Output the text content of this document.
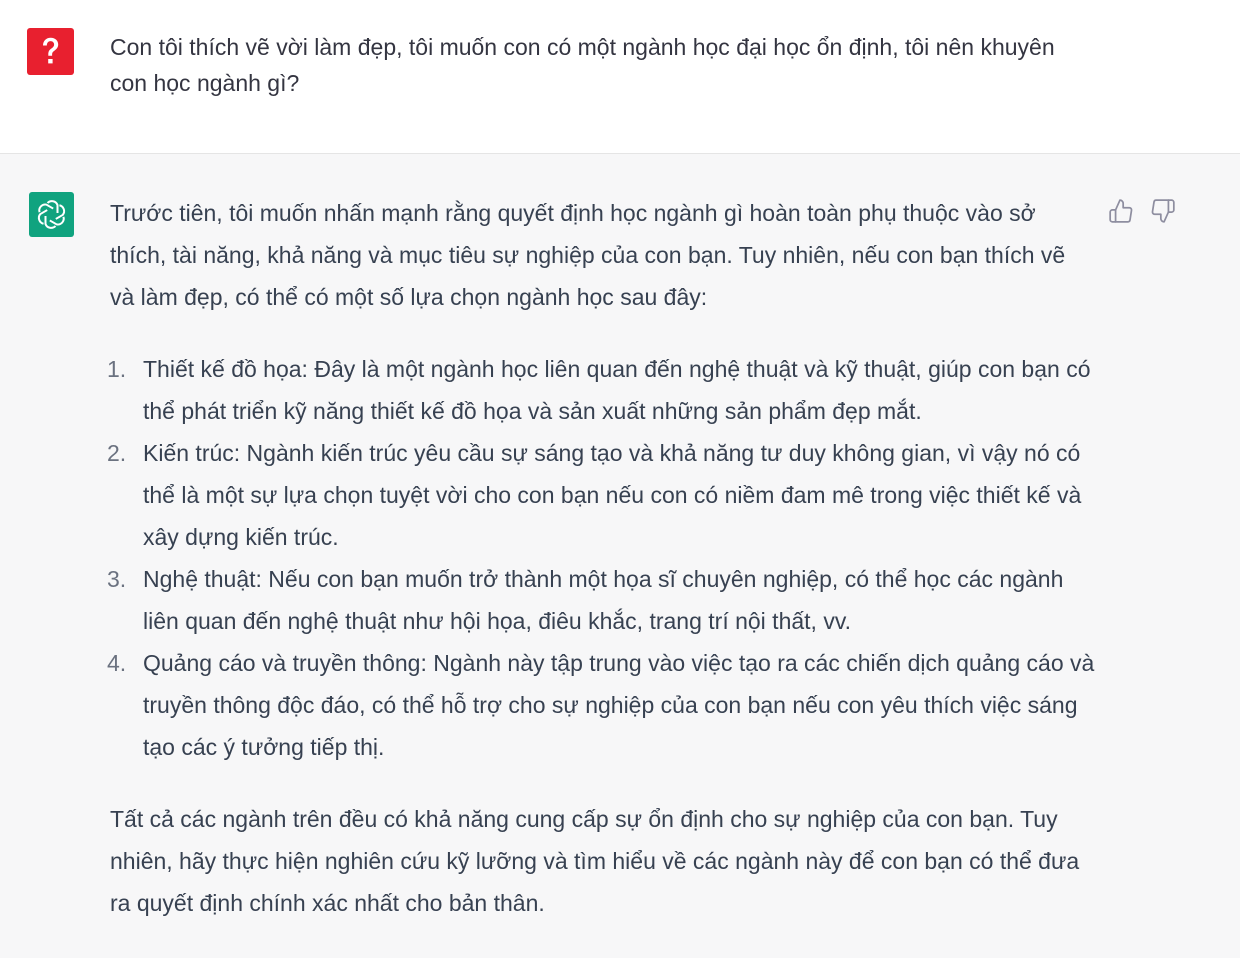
Con tôi thích vẽ vời làm đẹp, tôi muốn con có một ngành học đại học ổn định, tôi nên khuyên con học ngành gì?

Trước tiên, tôi muốn nhấn mạnh rằng quyết định học ngành gì hoàn toàn phụ thuộc vào sở thích, tài năng, khả năng và mục tiêu sự nghiệp của con bạn. Tuy nhiên, nếu con bạn thích vẽ và làm đẹp, có thể có một số lựa chọn ngành học sau đây:

1. Thiết kế đồ họa: Đây là một ngành học liên quan đến nghệ thuật và kỹ thuật, giúp con bạn có thể phát triển kỹ năng thiết kế đồ họa và sản xuất những sản phẩm đẹp mắt.
2. Kiến trúc: Ngành kiến trúc yêu cầu sự sáng tạo và khả năng tư duy không gian, vì vậy nó có thể là một sự lựa chọn tuyệt vời cho con bạn nếu con có niềm đam mê trong việc thiết kế và xây dựng kiến trúc.
3. Nghệ thuật: Nếu con bạn muốn trở thành một họa sĩ chuyên nghiệp, có thể học các ngành liên quan đến nghệ thuật như hội họa, điêu khắc, trang trí nội thất, vv.
4. Quảng cáo và truyền thông: Ngành này tập trung vào việc tạo ra các chiến dịch quảng cáo và truyền thông độc đáo, có thể hỗ trợ cho sự nghiệp của con bạn nếu con yêu thích việc sáng tạo các ý tưởng tiếp thị.

Tất cả các ngành trên đều có khả năng cung cấp sự ổn định cho sự nghiệp của con bạn. Tuy nhiên, hãy thực hiện nghiên cứu kỹ lưỡng và tìm hiểu về các ngành này để con bạn có thể đưa ra quyết định chính xác nhất cho bản thân.
